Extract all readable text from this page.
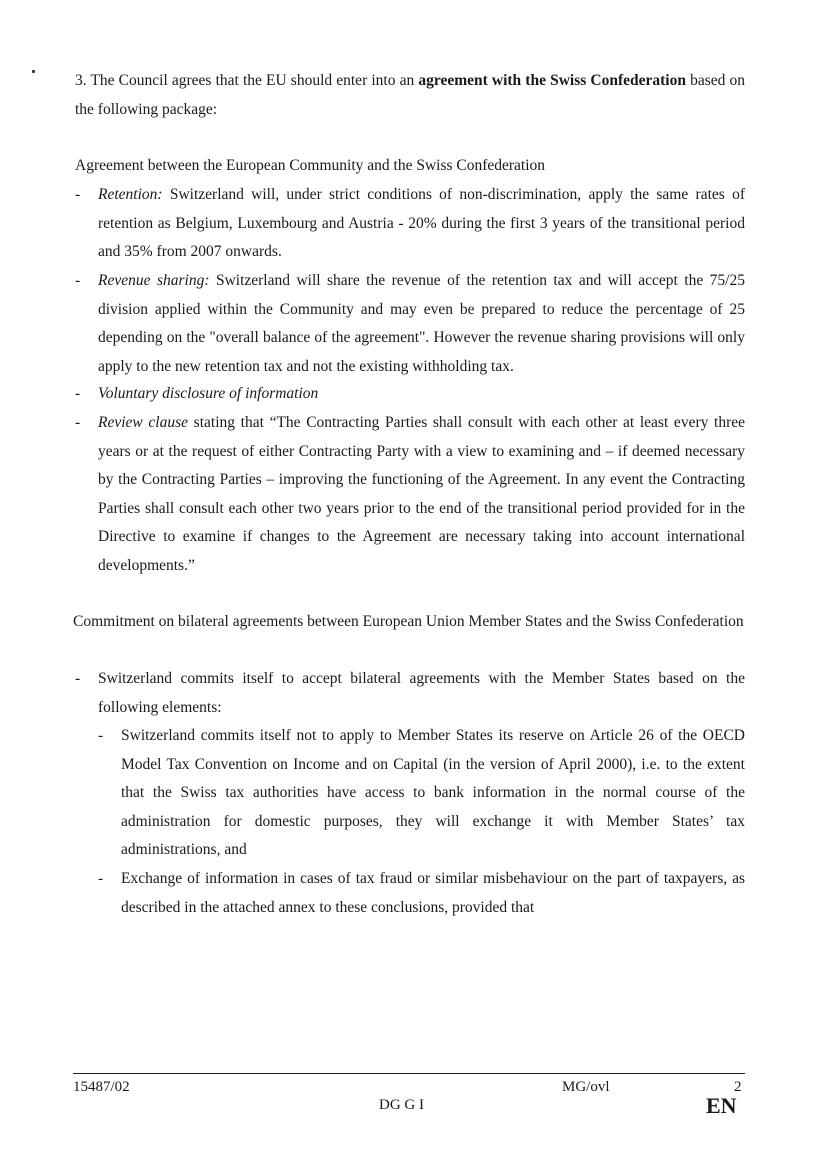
3. The Council agrees that the EU should enter into an agreement with the Swiss Confederation based on the following package:

Agreement between the European Community and the Swiss Confederation

- Retention: Switzerland will, under strict conditions of non-discrimination, apply the same rates of retention as Belgium, Luxembourg and Austria - 20% during the first 3 years of the transitional period and 35% from 2007 onwards.

- Revenue sharing: Switzerland will share the revenue of the retention tax and will accept the 75/25 division applied within the Community and may even be prepared to reduce the percentage of 25 depending on the "overall balance of the agreement". However the revenue sharing provisions will only apply to the new retention tax and not the existing withholding tax.

- Voluntary disclosure of information

- Review clause stating that “The Contracting Parties shall consult with each other at least every three years or at the request of either Contracting Party with a view to examining and – if deemed necessary by the Contracting Parties – improving the functioning of the Agreement. In any event the Contracting Parties shall consult each other two years prior to the end of the transitional period provided for in the Directive to examine if changes to the Agreement are necessary taking into account international developments.”

Commitment on bilateral agreements between European Union Member States and the Swiss Confederation

- Switzerland commits itself to accept bilateral agreements with the Member States based on the following elements:

- Switzerland commits itself not to apply to Member States its reserve on Article 26 of the OECD Model Tax Convention on Income and on Capital (in the version of April 2000), i.e. to the extent that the Swiss tax authorities have access to bank information in the normal course of the administration for domestic purposes, they will exchange it with Member States’ tax administrations, and

- Exchange of information in cases of tax fraud or similar misbehaviour on the part of taxpayers, as described in the attached annex to these conclusions, provided that

15487/02	MG/ovl	2

DG G I	EN
